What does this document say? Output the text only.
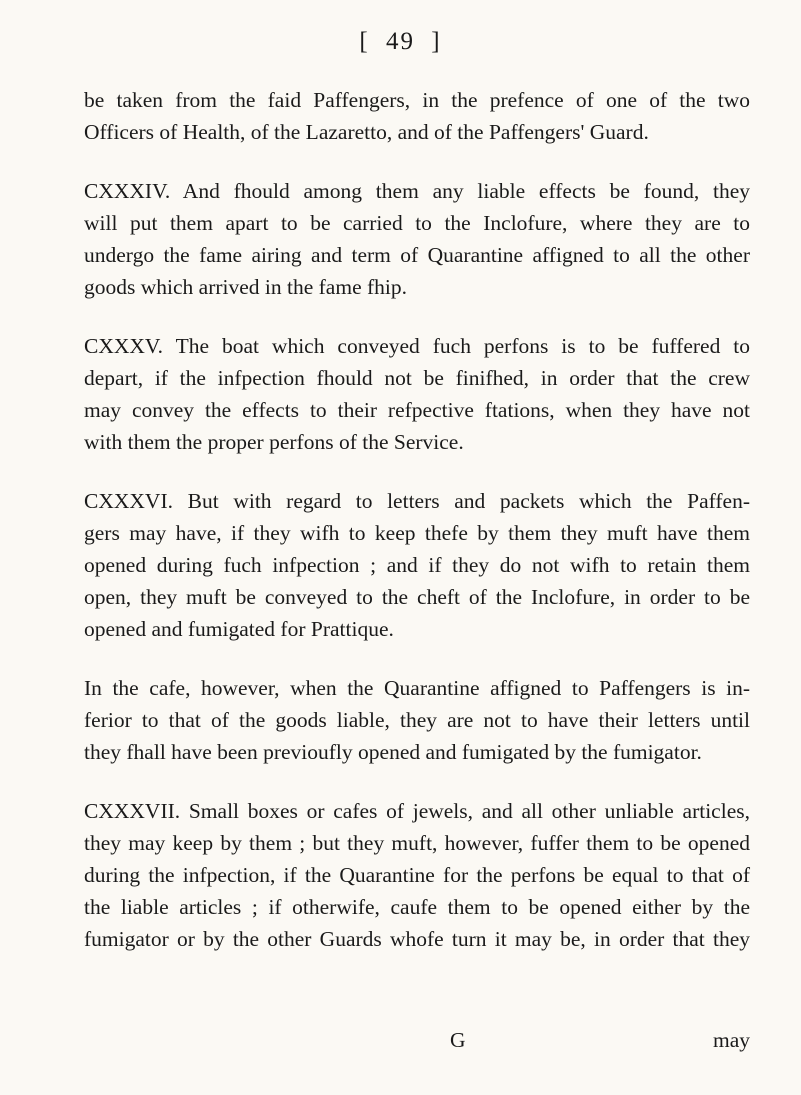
[ 49 ]
be taken from the faid Paffengers, in the prefence of one of the two
Officers of Health, of the Lazaretto, and of the Paffengers' Guard.
CXXXIV. And fhould among them any liable effects be found, they
will put them apart to be carried to the Inclofure, where they are to
undergo the fame airing and term of Quarantine affigned to all the other
goods which arrived in the fame fhip.
CXXXV. The boat which conveyed fuch perfons is to be fuffered to
depart, if the infpection fhould not be finifhed, in order that the crew
may convey the effects to their refpective ftations, when they have not
with them the proper perfons of the Service.
CXXXVI. But with regard to letters and packets which the Paffen-
gers may have, if they wifh to keep thefe by them they muft have them
opened during fuch infpection ; and if they do not wifh to retain them
open, they muft be conveyed to the cheft of the Inclofure, in order to be
opened and fumigated for Prattique.
In the cafe, however, when the Quarantine affigned to Paffengers is in-
ferior to that of the goods liable, they are not to have their letters until
they fhall have been previoufly opened and fumigated by the fumigator.
CXXXVII. Small boxes or cafes of jewels, and all other unliable articles,
they may keep by them ; but they muft, however, fuffer them to be opened
during the infpection, if the Quarantine for the perfons be equal to that of
the liable articles ; if otherwife, caufe them to be opened either by the
fumigator or by the other Guards whofe turn it may be, in order that they
G	may
